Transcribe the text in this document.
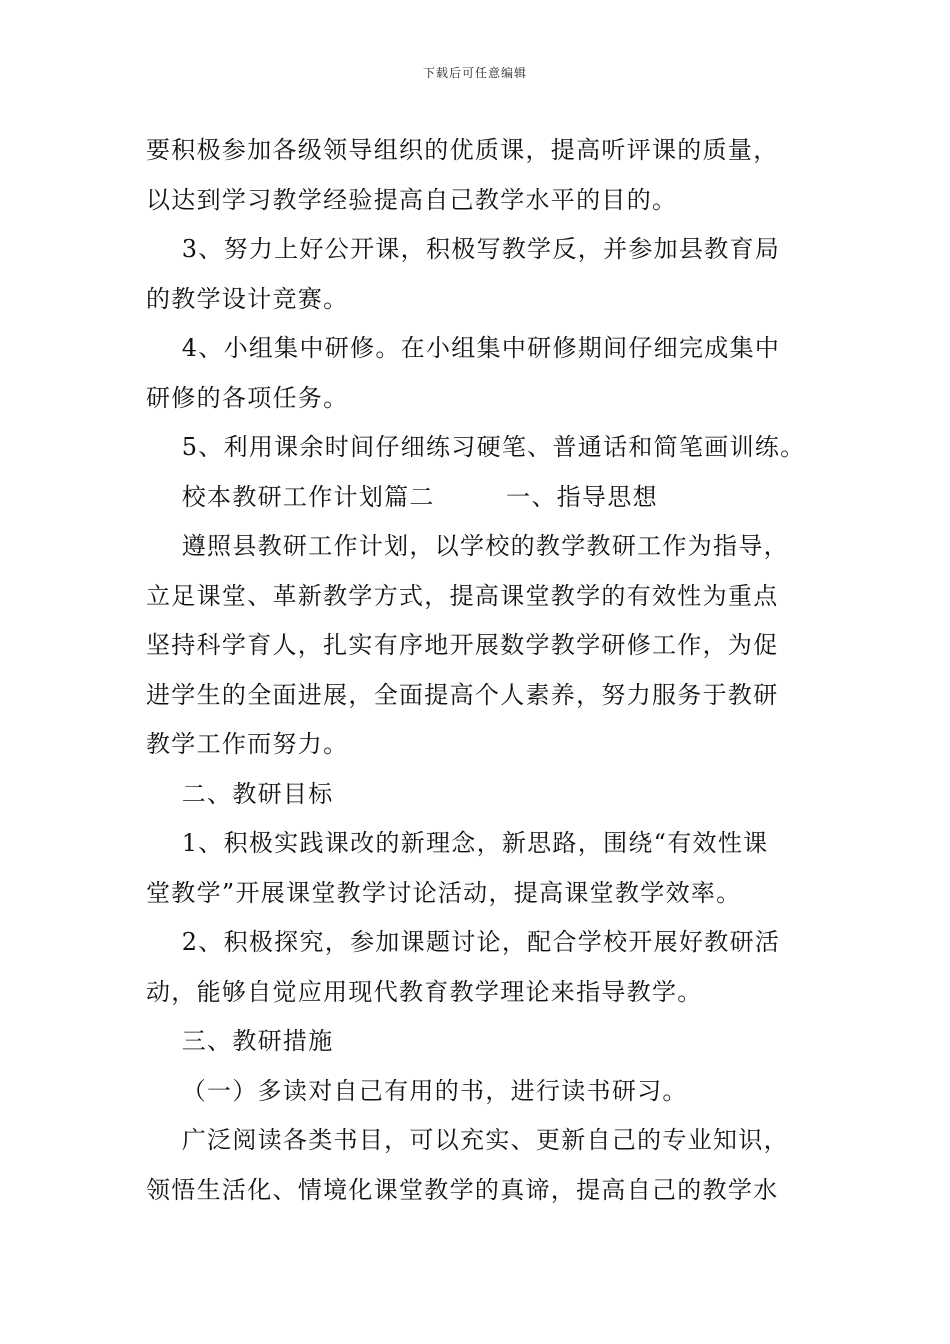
下载后可任意编辑

要积极参加各级领导组织的优质课，提高听评课的质量，

以达到学习教学经验提高自己教学水平的目的。

3、努力上好公开课，积极写教学反，并参加县教育局

的教学设计竞赛。

4、小组集中研修。在小组集中研修期间仔细完成集中

研修的各项任务。

5、利用课余时间仔细练习硬笔、普通话和简笔画训练。

校本教研工作计划篇二        一、指导思想

遵照县教研工作计划，以学校的教学教研工作为指导，

立足课堂、革新教学方式，提高课堂教学的有效性为重点

坚持科学育人，扎实有序地开展数学教学研修工作，为促

进学生的全面进展，全面提高个人素养，努力服务于教研

教学工作而努力。

二、教研目标

1、积极实践课改的新理念，新思路，围绕“有效性课

堂教学”开展课堂教学讨论活动，提高课堂教学效率。

2、积极探究，参加课题讨论，配合学校开展好教研活

动，能够自觉应用现代教育教学理论来指导教学。

三、教研措施

（一）多读对自己有用的书，进行读书研习。

广泛阅读各类书目，可以充实、更新自己的专业知识，

领悟生活化、情境化课堂教学的真谛，提高自己的教学水
